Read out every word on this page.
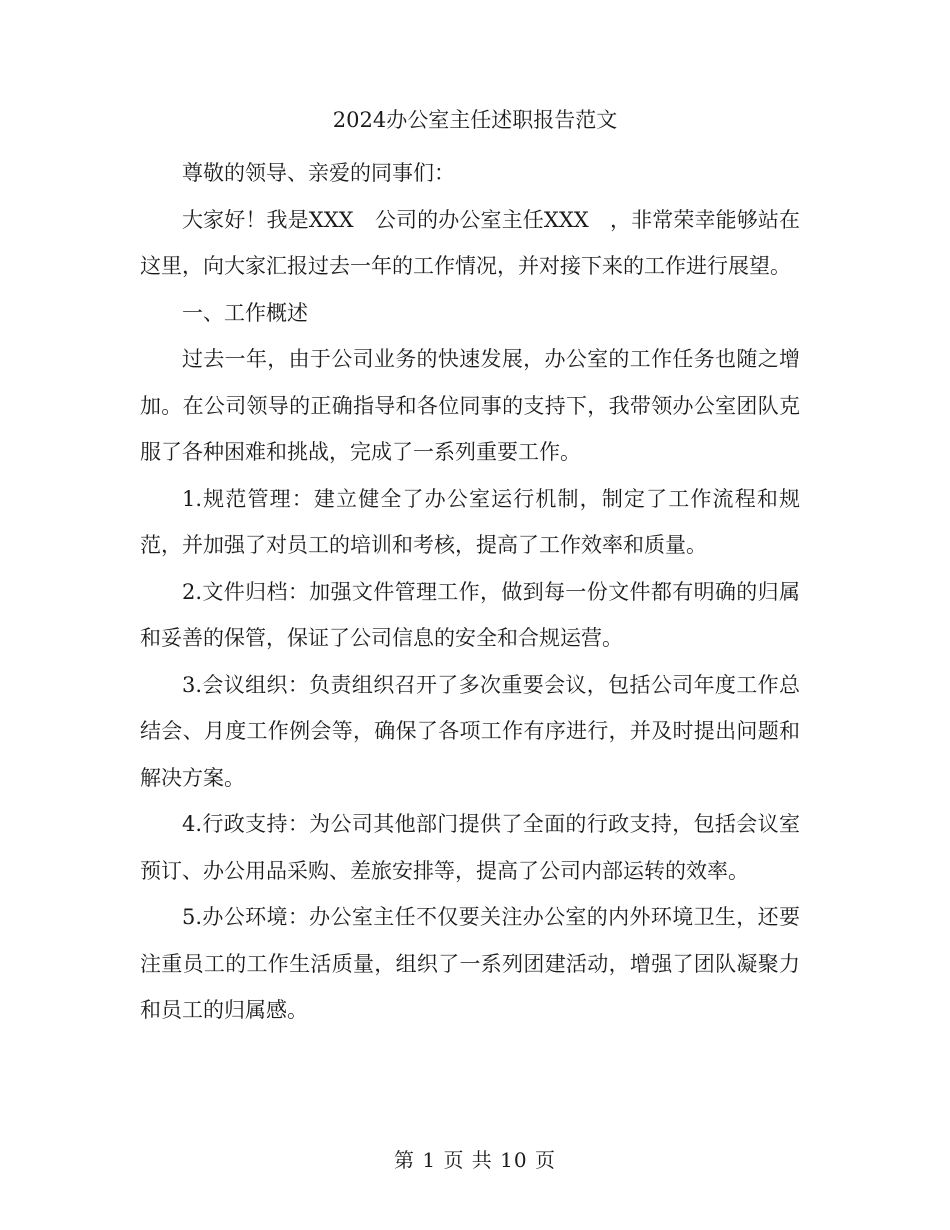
2024办公室主任述职报告范文

尊敬的领导、亲爱的同事们：

大家好！我是XXX　公司的办公室主任XXX　，非常荣幸能够站在这里，向大家汇报过去一年的工作情况，并对接下来的工作进行展望。

一、工作概述

过去一年，由于公司业务的快速发展，办公室的工作任务也随之增加。在公司领导的正确指导和各位同事的支持下，我带领办公室团队克服了各种困难和挑战，完成了一系列重要工作。

1.规范管理：建立健全了办公室运行机制，制定了工作流程和规范，并加强了对员工的培训和考核，提高了工作效率和质量。

2.文件归档：加强文件管理工作，做到每一份文件都有明确的归属和妥善的保管，保证了公司信息的安全和合规运营。

3.会议组织：负责组织召开了多次重要会议，包括公司年度工作总结会、月度工作例会等，确保了各项工作有序进行，并及时提出问题和解决方案。

4.行政支持：为公司其他部门提供了全面的行政支持，包括会议室预订、办公用品采购、差旅安排等，提高了公司内部运转的效率。

5.办公环境：办公室主任不仅要关注办公室的内外环境卫生，还要注重员工的工作生活质量，组织了一系列团建活动，增强了团队凝聚力和员工的归属感。

第 1 页 共 10 页
